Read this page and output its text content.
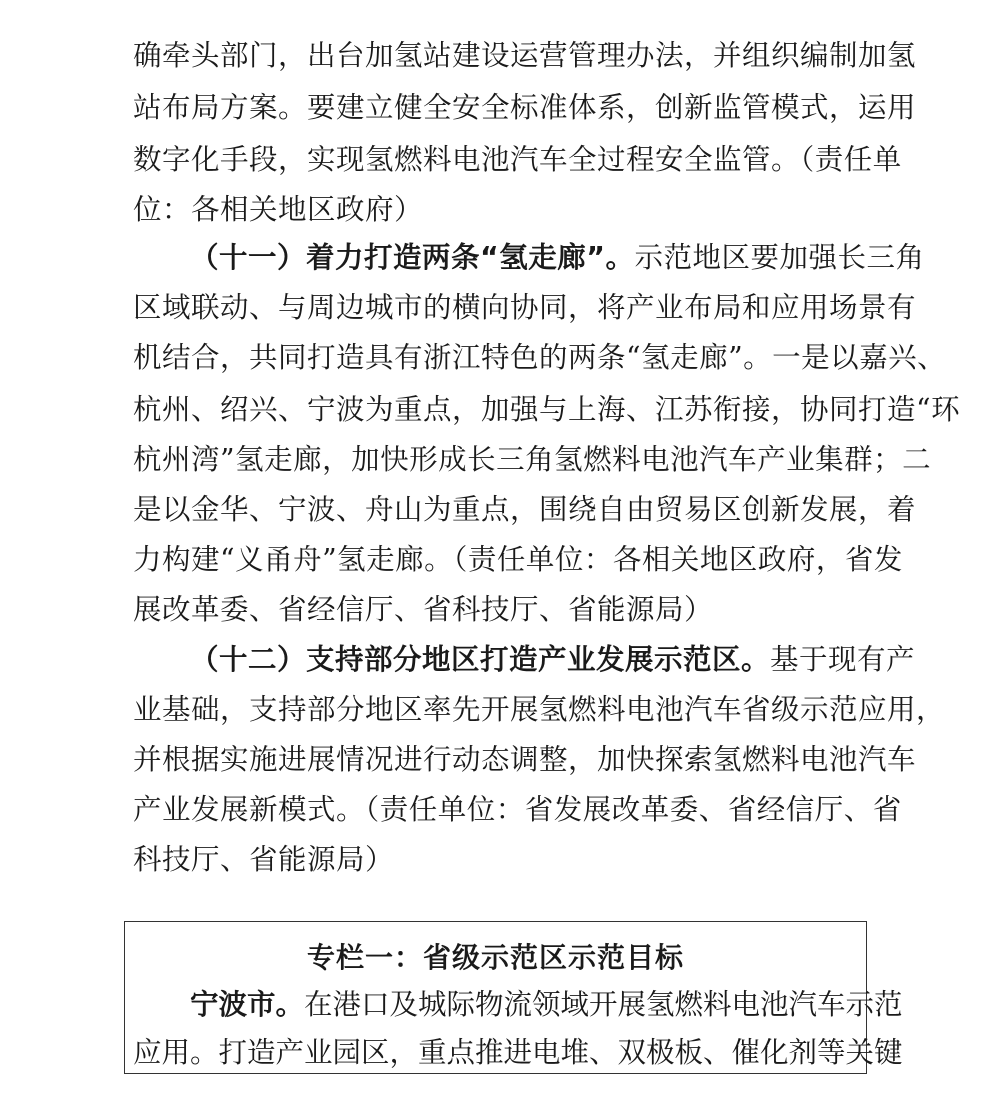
确牵头部门，出台加氢站建设运营管理办法，并组织编制加氢
站布局方案。要建立健全安全标准体系，创新监管模式，运用
数字化手段，实现氢燃料电池汽车全过程安全监管。（责任单
位：各相关地区政府）
（十一）着力打造两条“氢走廊”。示范地区要加强长三角
区域联动、与周边城市的横向协同，将产业布局和应用场景有
机结合，共同打造具有浙江特色的两条“氢走廊”。一是以嘉兴、
杭州、绍兴、宁波为重点，加强与上海、江苏衔接，协同打造“环
杭州湾”氢走廊，加快形成长三角氢燃料电池汽车产业集群；二
是以金华、宁波、舟山为重点，围绕自由贸易区创新发展，着
力构建“义甬舟”氢走廊。（责任单位：各相关地区政府，省发
展改革委、省经信厅、省科技厅、省能源局）
（十二）支持部分地区打造产业发展示范区。基于现有产
业基础，支持部分地区率先开展氢燃料电池汽车省级示范应用，
并根据实施进展情况进行动态调整，加快探索氢燃料电池汽车
产业发展新模式。（责任单位：省发展改革委、省经信厅、省
科技厅、省能源局）
专栏一：省级示范区示范目标
宁波市。在港口及城际物流领域开展氢燃料电池汽车示范
应用。打造产业园区，重点推进电堆、双极板、催化剂等关键
